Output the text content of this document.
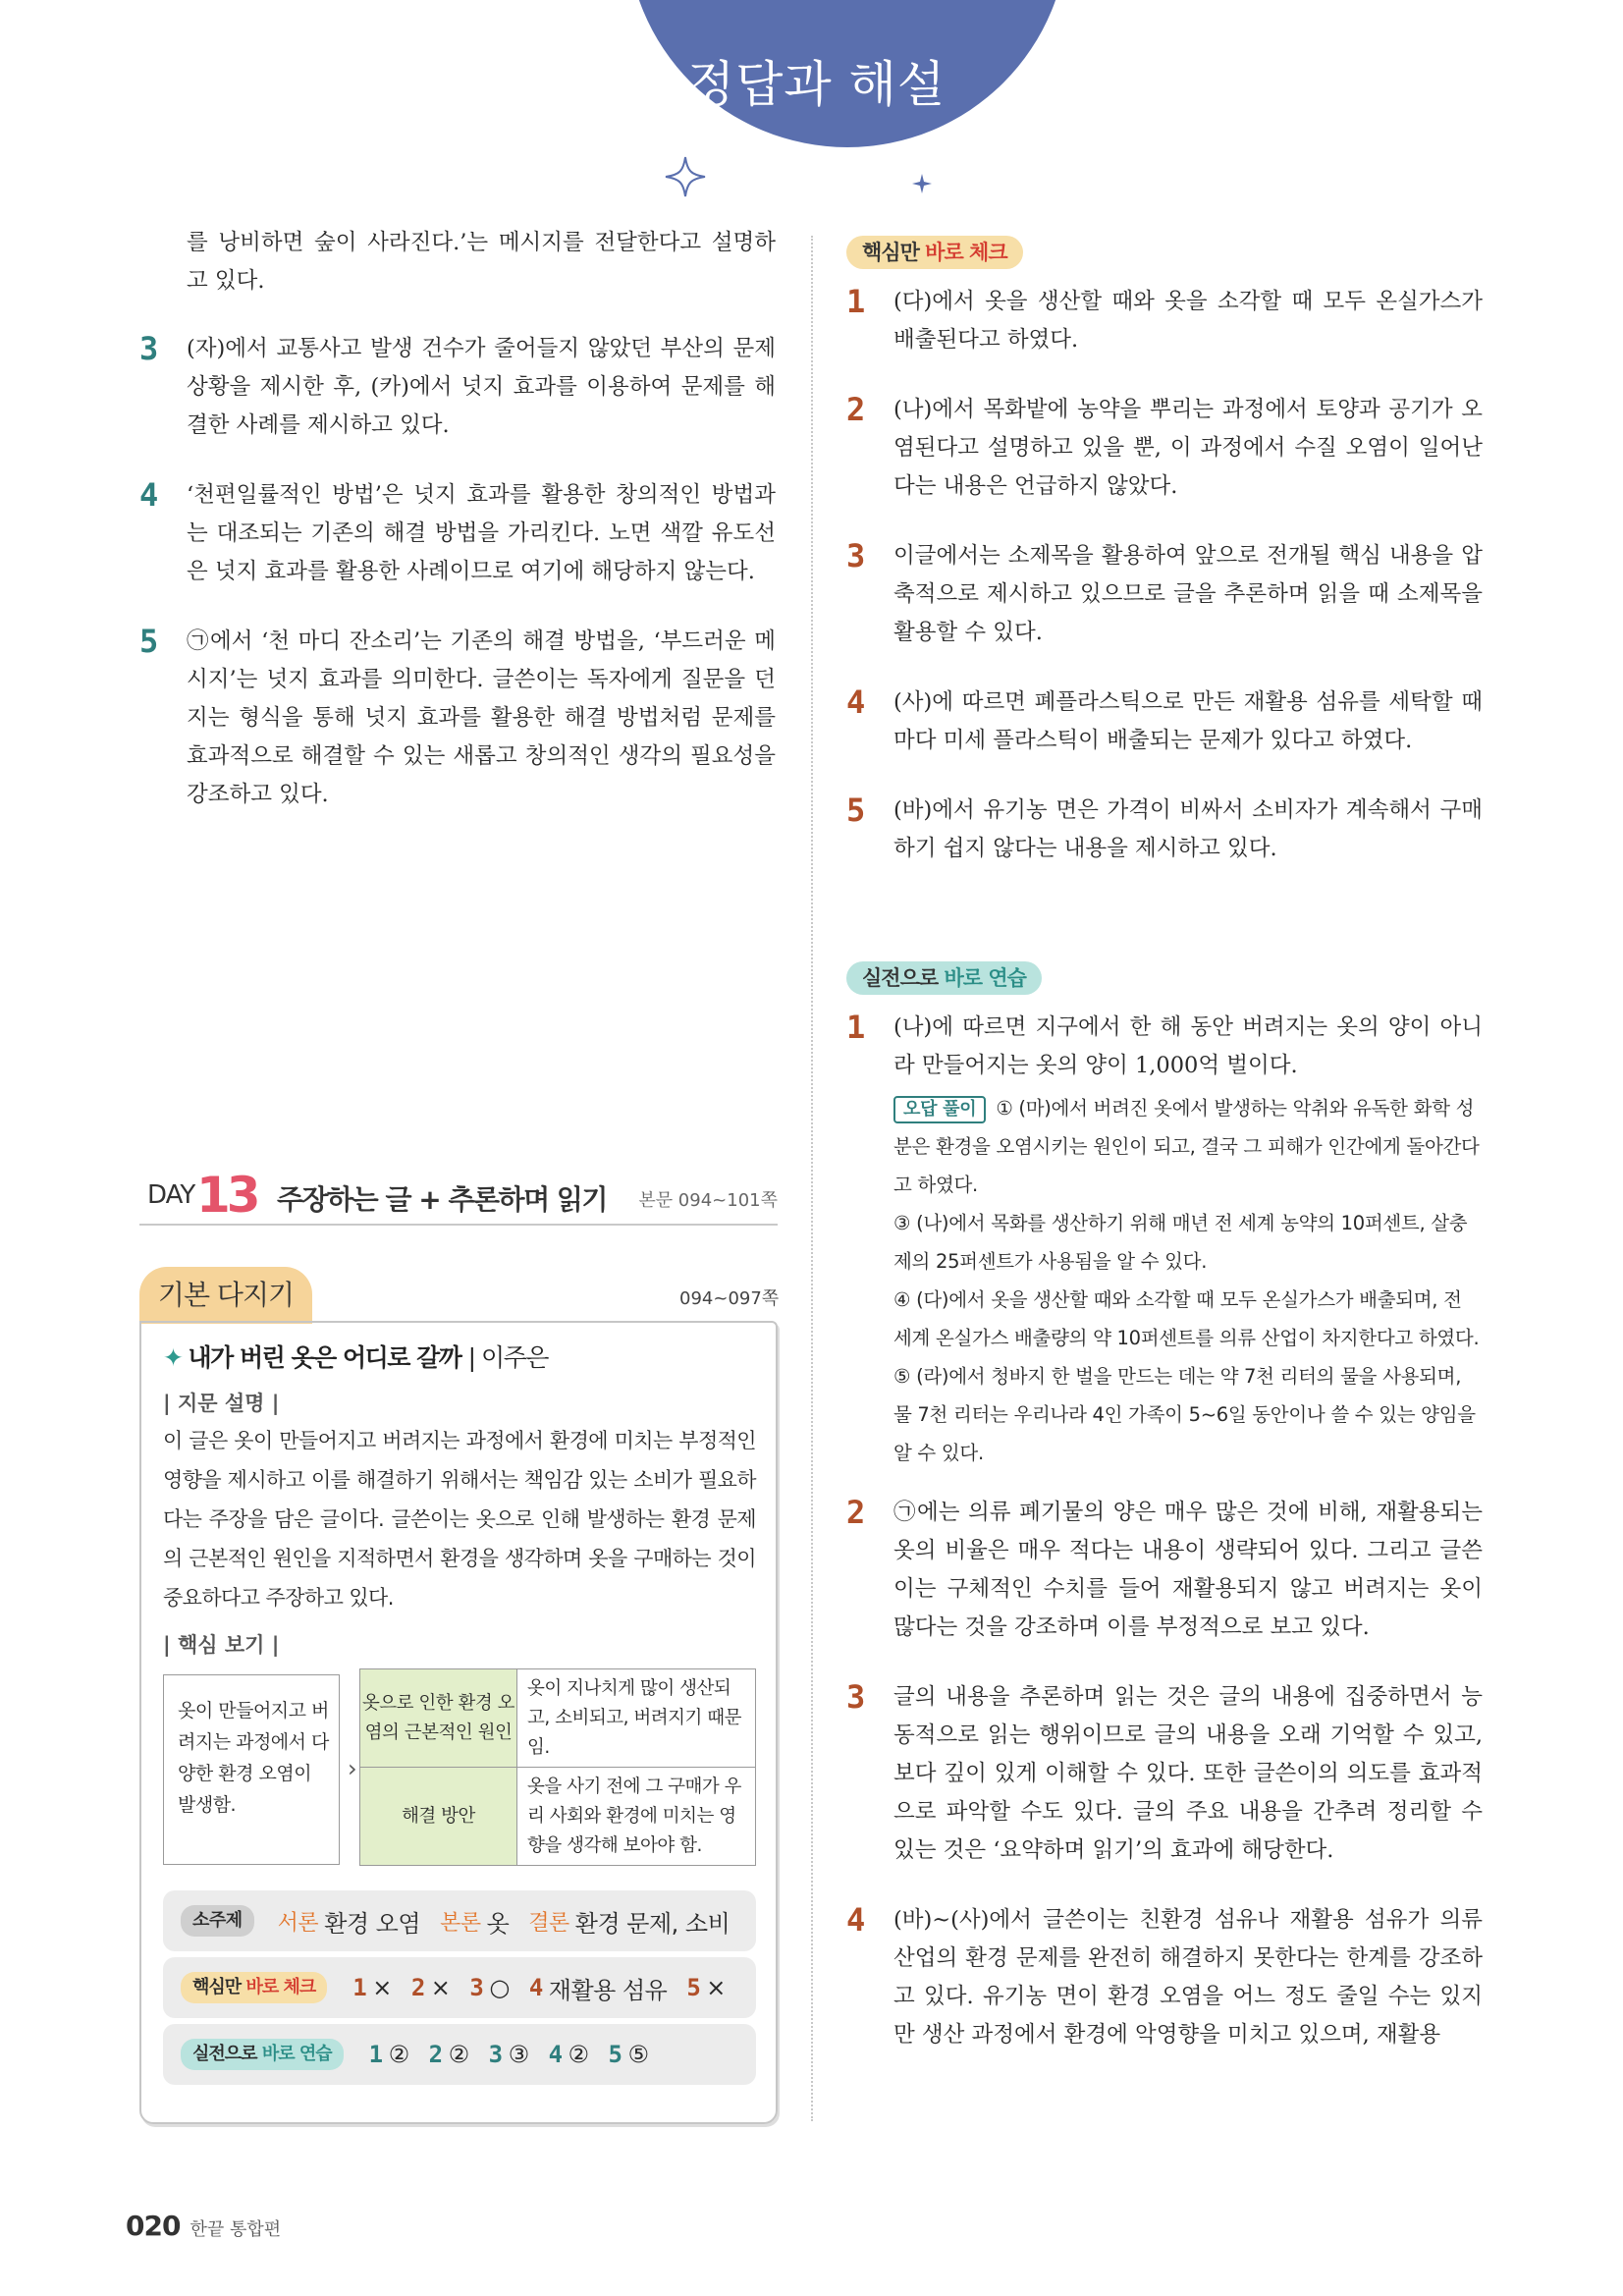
정답과 해설

를 낭비하면 숲이 사라진다.’는 메시지를 전달한다고 설명하고 있다.

3	(자)에서 교통사고 발생 건수가 줄어들지 않았던 부산의 문제 상황을 제시한 후, (카)에서 넛지 효과를 이용하여 문제를 해결한 사례를 제시하고 있다.

4	‘천편일률적인 방법’은 넛지 효과를 활용한 창의적인 방법과는 대조되는 기존의 해결 방법을 가리킨다. 노면 색깔 유도선은 넛지 효과를 활용한 사례이므로 여기에 해당하지 않는다.

5	㉠에서 ‘천 마디 잔소리’는 기존의 해결 방법을, ‘부드러운 메시지’는 넛지 효과를 의미한다. 글쓴이는 독자에게 질문을 던지는 형식을 통해 넛지 효과를 활용한 해결 방법처럼 문제를 효과적으로 해결할 수 있는 새롭고 창의적인 생각의 필요성을 강조하고 있다.

DAY 13 주장하는 글 + 추론하며 읽기 본문 094~101쪽
기본 다지기	094~097쪽
✦ 내가 버린 옷은 어디로 갈까 | 이주은
| 지문 설명 |

이 글은 옷이 만들어지고 버려지는 과정에서 환경에 미치는 부정적인 영향을 제시하고 이를 해결하기 위해서는 책임감 있는 소비가 필요하다는 주장을 담은 글이다. 글쓴이는 옷으로 인해 발생하는 환경 문제의 근본적인 원인을 지적하면서 환경을 생각하며 옷을 구매하는 것이 중요하다고 주장하고 있다.

| 핵심 보기 |
옷이 만들어지고 버려지는 과정에서 다양한 환경 오염이 발생함.
›
옷으로 인한 환경 오염의 근본적인 원인	옷이 지나치게 많이 생산되고, 소비되고, 버려지기 때문임.
해결 방안	옷을 사기 전에 그 구매가 우리 사회와 환경에 미치는 영향을 생각해 보아야 함.
소주제	서론 환경 오염 본론 옷 결론 환경 문제, 소비
핵심만 바로 체크	1 × 2 × 3 ○ 4 재활용 섬유 5 ×
실전으로 바로 연습	1 ② 2 ② 3 ③ 4 ② 5 ⑤
핵심만 바로 체크
1	(다)에서 옷을 생산할 때와 옷을 소각할 때 모두 온실가스가 배출된다고 하였다.

2	(나)에서 목화밭에 농약을 뿌리는 과정에서 토양과 공기가 오염된다고 설명하고 있을 뿐, 이 과정에서 수질 오염이 일어난다는 내용은 언급하지 않았다.

3	이글에서는 소제목을 활용하여 앞으로 전개될 핵심 내용을 압축적으로 제시하고 있으므로 글을 추론하며 읽을 때 소제목을 활용할 수 있다.

4	(사)에 따르면 폐플라스틱으로 만든 재활용 섬유를 세탁할 때마다 미세 플라스틱이 배출되는 문제가 있다고 하였다.

5	(바)에서 유기농 면은 가격이 비싸서 소비자가 계속해서 구매하기 쉽지 않다는 내용을 제시하고 있다.

실전으로 바로 연습
1	(나)에 따르면 지구에서 한 해 동안 버려지는 옷의 양이 아니라 만들어지는 옷의 양이 1,000억 벌이다.

오답 풀이 ① (마)에서 버려진 옷에서 발생하는 악취와 유독한 화학 성분은 환경을 오염시키는 원인이 되고, 결국 그 피해가 인간에게 돌아간다고 하였다.
③ (나)에서 목화를 생산하기 위해 매년 전 세계 농약의 10퍼센트, 살충제의 25퍼센트가 사용됨을 알 수 있다.
④ (다)에서 옷을 생산할 때와 소각할 때 모두 온실가스가 배출되며, 전 세계 온실가스 배출량의 약 10퍼센트를 의류 산업이 차지한다고 하였다.
⑤ (라)에서 청바지 한 벌을 만드는 데는 약 7천 리터의 물을 사용되며, 물 7천 리터는 우리나라 4인 가족이 5~6일 동안이나 쓸 수 있는 양임을 알 수 있다.
2	㉠에는 의류 폐기물의 양은 매우 많은 것에 비해, 재활용되는 옷의 비율은 매우 적다는 내용이 생략되어 있다. 그리고 글쓴이는 구체적인 수치를 들어 재활용되지 않고 버려지는 옷이 많다는 것을 강조하며 이를 부정적으로 보고 있다.

3	글의 내용을 추론하며 읽는 것은 글의 내용에 집중하면서 능동적으로 읽는 행위이므로 글의 내용을 오래 기억할 수 있고, 보다 깊이 있게 이해할 수 있다. 또한 글쓴이의 의도를 효과적으로 파악할 수도 있다. 글의 주요 내용을 간추려 정리할 수 있는 것은 ‘요약하며 읽기’의 효과에 해당한다.

4	(바)~(사)에서 글쓴이는 친환경 섬유나 재활용 섬유가 의류 산업의 환경 문제를 완전히 해결하지 못한다는 한계를 강조하고 있다. 유기농 면이 환경 오염을 어느 정도 줄일 수는 있지만 생산 과정에서 환경에 악영향을 미치고 있으며, 재활용

020 한끝 통합편
